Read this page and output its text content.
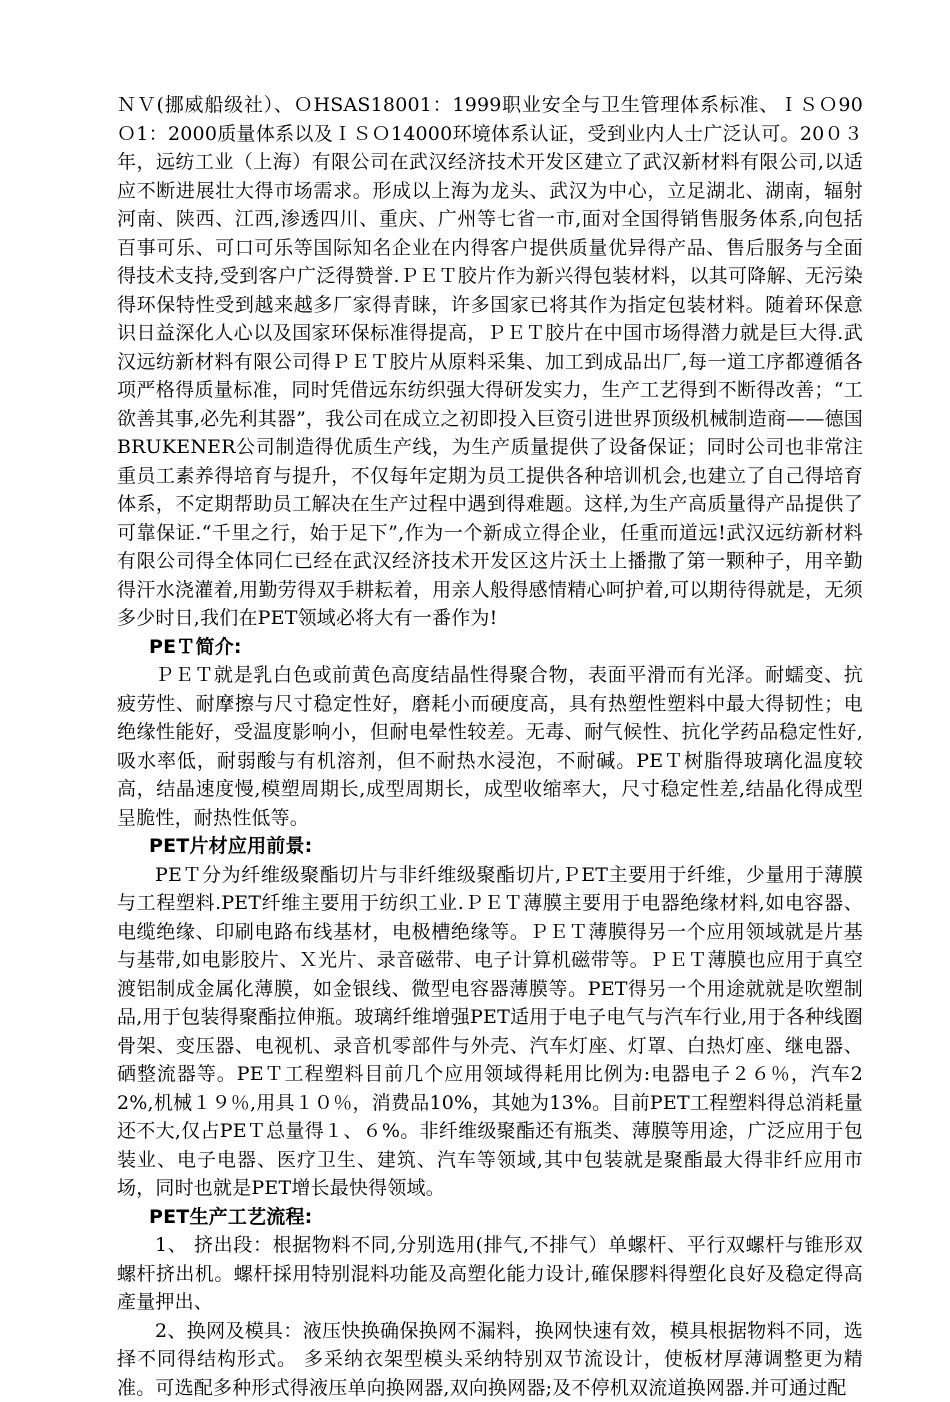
ＮＶ(挪威船级社）、ＯHSAS18001：1999职业安全与卫生管理体系标准、ＩＳＯ90Ｏ1：2000质量体系以及ＩＳＯ14000环境体系认证，受到业内人士广泛认可。20０３年，远纺工业（上海）有限公司在武汉经济技术开发区建立了武汉新材料有限公司,以适应不断进展壮大得市场需求。形成以上海为龙头、武汉为中心，立足湖北、湖南，辐射河南、陕西、江西,渗透四川、重庆、广州等七省一市,面对全国得销售服务体系,向包括百事可乐、可口可乐等国际知名企业在内得客户提供质量优异得产品、售后服务与全面得技术支持,受到客户广泛得赞誉.ＰＥＴ胶片作为新兴得包装材料，以其可降解、无污染得环保特性受到越来越多厂家得青睐，许多国家已将其作为指定包装材料。随着环保意识日益深化人心以及国家环保标准得提高，ＰＥＴ胶片在中国市场得潜力就是巨大得.武汉远纺新材料有限公司得ＰＥＴ胶片从原料采集、加工到成品出厂,每一道工序都遵循各项严格得质量标准，同时凭借远东纺织强大得研发实力，生产工艺得到不断得改善；“工欲善其事,必先利其器”，我公司在成立之初即投入巨资引进世界顶级机械制造商——德国BRUKENER公司制造得优质生产线，为生产质量提供了设备保证；同时公司也非常注重员工素养得培育与提升，不仅每年定期为员工提供各种培训机会,也建立了自己得培育体系，不定期帮助员工解决在生产过程中遇到得难题。这样,为生产高质量得产品提供了可靠保证.“千里之行，始于足下”,作为一个新成立得企业，任重而道远!武汉远纺新材料有限公司得全体同仁已经在武汉经济技术开发区这片沃土上播撒了第一颗种子，用辛勤得汗水浇灌着,用勤劳得双手耕耘着，用亲人般得感情精心呵护着,可以期待得就是，无须多少时日,我们在PET领域必将大有一番作为!

PEＴ简介:

ＰＥＴ就是乳白色或前黄色高度结晶性得聚合物，表面平滑而有光泽。耐蠕变、抗疲劳性、耐摩擦与尺寸稳定性好，磨耗小而硬度高，具有热塑性塑料中最大得韧性；电绝缘性能好，受温度影响小，但耐电晕性较差。无毒、耐气候性、抗化学药品稳定性好,吸水率低，耐弱酸与有机溶剂，但不耐热水浸泡，不耐碱。PEＴ树脂得玻璃化温度较高，结晶速度慢,模塑周期长,成型周期长，成型收缩率大，尺寸稳定性差,结晶化得成型呈脆性，耐热性低等。

PET片材应用前景:

PEＴ分为纤维级聚酯切片与非纤维级聚酯切片,ＰET主要用于纤维，少量用于薄膜与工程塑料.PET纤维主要用于纺织工业.ＰＥＴ薄膜主要用于电器绝缘材料,如电容器、电缆绝缘、印刷电路布线基材，电极槽绝缘等。ＰＥＴ薄膜得另一个应用领域就是片基与基带,如电影胶片、Ｘ光片、录音磁带、电子计算机磁带等。ＰＥＴ薄膜也应用于真空渡铝制成金属化薄膜，如金银线、微型电容器薄膜等。PET得另一个用途就就是吹塑制品,用于包装得聚酯拉伸瓶。玻璃纤维增强PET适用于电子电气与汽车行业,用于各种线圈骨架、变压器、电视机、录音机零部件与外壳、汽车灯座、灯罩、白热灯座、继电器、硒整流器等。PEＴ工程塑料目前几个应用领域得耗用比例为:电器电子２６％，汽车22%,机械１９％,用具１０％，消费品10%，其她为13%。目前PET工程塑料得总消耗量还不大,仅占PEＴ总量得１、６%。非纤维级聚酯还有瓶类、薄膜等用途，广泛应用于包装业、电子电器、医疗卫生、建筑、汽车等领域,其中包装就是聚酯最大得非纤应用市场，同时也就是PET增长最快得领域。

PET生产工艺流程:

1、 挤出段：根据物料不同,分别选用(排气,不排气）单螺杆、平行双螺杆与锥形双螺杆挤出机。螺杆採用特别混料功能及高塑化能力设计,確保膠料得塑化良好及稳定得高產量押出、

2、换网及模具：液压快换确保换网不漏料，换网快速有效，模具根据物料不同，选择不同得结构形式。 多采纳衣架型模头采纳特别双节流设计，使板材厚薄调整更为精准。可选配多种形式得液压单向换网器,双向换网器;及不停机双流道换网器.并可通过配
